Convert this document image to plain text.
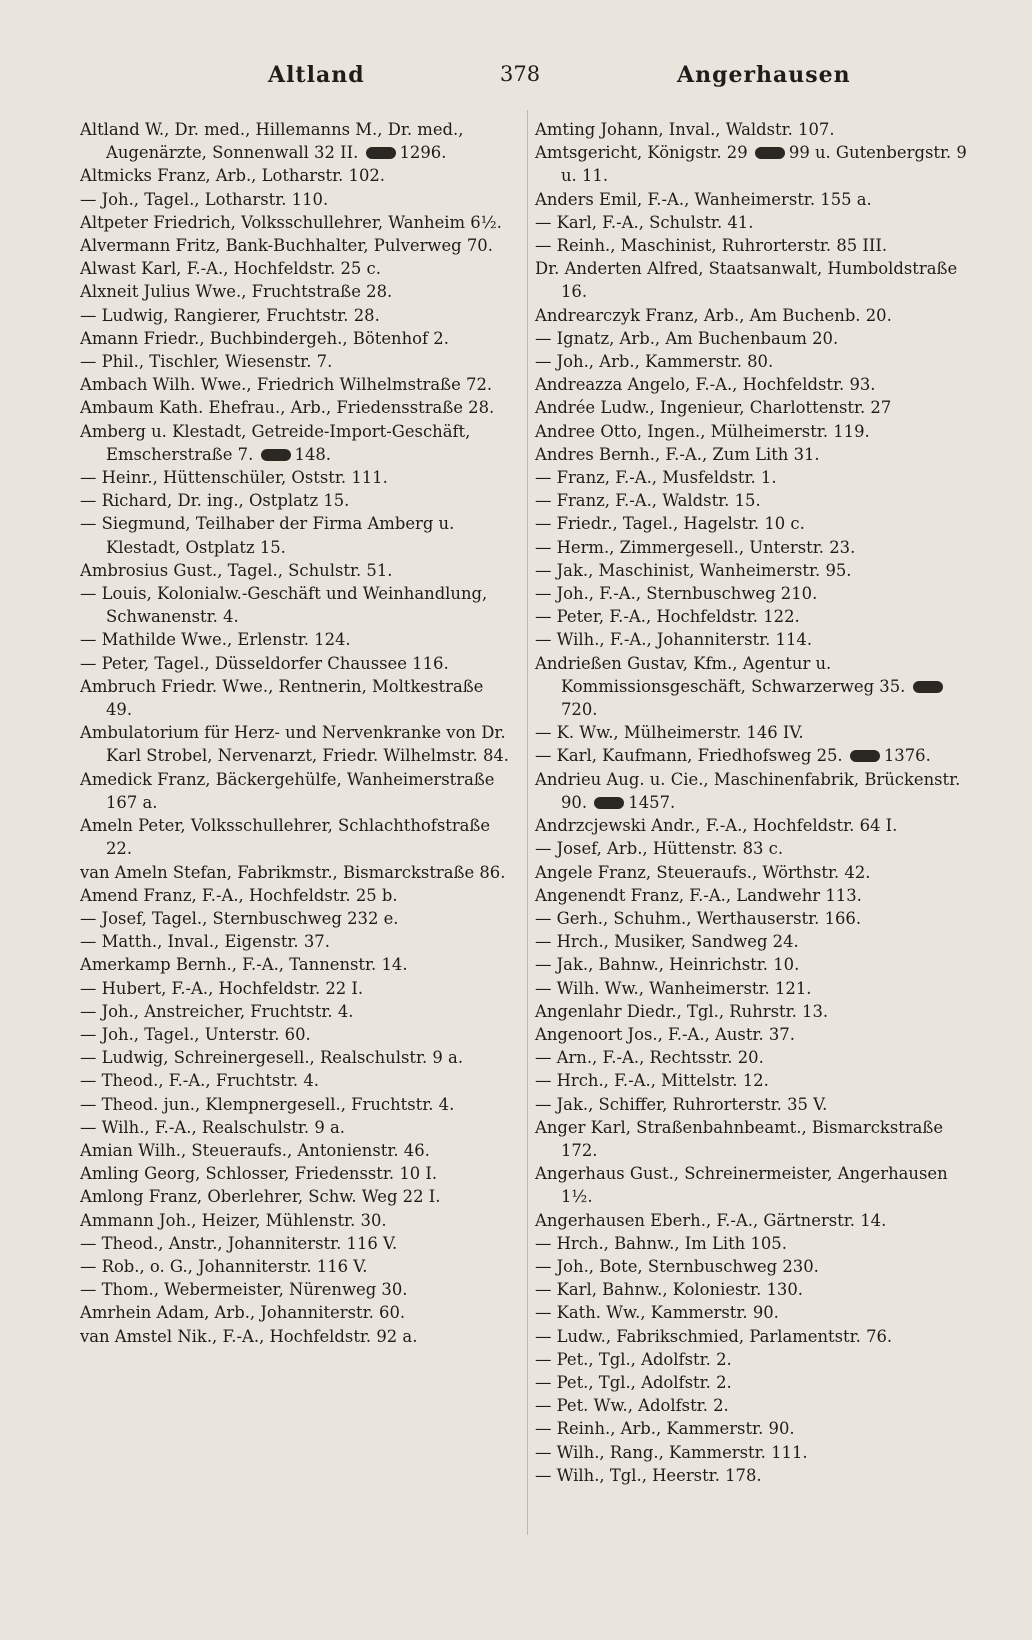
Altland	378	Angerhausen
Altland W., Dr. med., Hillemanns M., Dr. med., Augenärzte, Sonnenwall 32 II.	1296.
Altmicks Franz, Arb., Lotharstr. 102.
— Joh., Tagel., Lotharstr. 110.
Altpeter Friedrich, Volksschullehrer, Wanheim 6½.
Alvermann Fritz, Bank-Buchhalter, Pulverweg 70.
Alwast Karl, F.-A., Hochfeldstr. 25 c.
Alxneit Julius Wwe., Fruchtstraße 28.
— Ludwig, Rangierer, Fruchtstr. 28.
Amann Friedr., Buchbindergeh., Bötenhof 2.
— Phil., Tischler, Wiesenstr. 7.
Ambach Wilh. Wwe., Friedrich Wilhelmstraße 72.
Ambaum Kath. Ehefrau., Arb., Friedensstraße 28.
Amberg u. Klestadt, Getreide-Import-Geschäft, Emscherstraße 7.	148.
— Heinr., Hüttenschüler, Oststr. 111.
— Richard, Dr. ing., Ostplatz 15.
— Siegmund, Teilhaber der Firma Amberg u. Klestadt, Ostplatz 15.
Ambrosius Gust., Tagel., Schulstr. 51.
— Louis, Kolonialw.-Geschäft und Weinhandlung, Schwanenstr. 4.
— Mathilde Wwe., Erlenstr. 124.
— Peter, Tagel., Düsseldorfer Chaussee 116.
Ambruch Friedr. Wwe., Rentnerin, Moltkestraße 49.
Ambulatorium für Herz- und Nervenkranke von Dr. Karl Strobel, Nervenarzt, Friedr. Wilhelmstr. 84.
Amedick Franz, Bäckergehülfe, Wanheimerstraße 167 a.
Ameln Peter, Volksschullehrer, Schlachthofstraße 22.
van Ameln Stefan, Fabrikmstr., Bismarckstraße 86.
Amend Franz, F.-A., Hochfeldstr. 25 b.
— Josef, Tagel., Sternbuschweg 232 e.
— Matth., Inval., Eigenstr. 37.
Amerkamp Bernh., F.-A., Tannenstr. 14.
— Hubert, F.-A., Hochfeldstr. 22 I.
— Joh., Anstreicher, Fruchtstr. 4.
— Joh., Tagel., Unterstr. 60.
— Ludwig, Schreinergesell., Realschulstr. 9 a.
— Theod., F.-A., Fruchtstr. 4.
— Theod. jun., Klempnergesell., Fruchtstr. 4.
— Wilh., F.-A., Realschulstr. 9 a.
Amian Wilh., Steueraufs., Antonienstr. 46.
Amling Georg, Schlosser, Friedensstr. 10 I.
Amlong Franz, Oberlehrer, Schw. Weg 22 I.
Ammann Joh., Heizer, Mühlenstr. 30.
— Theod., Anstr., Johanniterstr. 116 V.
— Rob., o. G., Johanniterstr. 116 V.
— Thom., Webermeister, Nürenweg 30.
Amrhein Adam, Arb., Johanniterstr. 60.
van Amstel Nik., F.-A., Hochfeldstr. 92 a.
Amting Johann, Inval., Waldstr. 107.
Amtsgericht, Königstr. 29	99 u. Gutenbergstr. 9 u. 11.
Anders Emil, F.-A., Wanheimerstr. 155 a.
— Karl, F.-A., Schulstr. 41.
— Reinh., Maschinist, Ruhrorterstr. 85 III.
Dr. Anderten Alfred, Staatsanwalt, Humboldstraße 16.
Andrearczyk Franz, Arb., Am Buchenb. 20.
— Ignatz, Arb., Am Buchenbaum 20.
— Joh., Arb., Kammerstr. 80.
Andreazza Angelo, F.-A., Hochfeldstr. 93.
Andrée Ludw., Ingenieur, Charlottenstr. 27
Andree Otto, Ingen., Mülheimerstr. 119.
Andres Bernh., F.-A., Zum Lith 31.
— Franz, F.-A., Musfeldstr. 1.
— Franz, F.-A., Waldstr. 15.
— Friedr., Tagel., Hagelstr. 10 c.
— Herm., Zimmergesell., Unterstr. 23.
— Jak., Maschinist, Wanheimerstr. 95.
— Joh., F.-A., Sternbuschweg 210.
— Peter, F.-A., Hochfeldstr. 122.
— Wilh., F.-A., Johanniterstr. 114.
Andrießen Gustav, Kfm., Agentur u. Kommissionsgeschäft, Schwarzerweg 35. 720.
— K. Ww., Mülheimerstr. 146 IV.
— Karl, Kaufmann, Friedhofsweg 25.	1376.
Andrieu Aug. u. Cie., Maschinenfabrik, Brückenstr. 90.	1457.
Andrzcjewski Andr., F.-A., Hochfeldstr. 64 I.
— Josef, Arb., Hüttenstr. 83 c.
Angele Franz, Steueraufs., Wörthstr. 42.
Angenendt Franz, F.-A., Landwehr 113.
— Gerh., Schuhm., Werthauserstr. 166.
— Hrch., Musiker, Sandweg 24.
— Jak., Bahnw., Heinrichstr. 10.
— Wilh. Ww., Wanheimerstr. 121.
Angenlahr Diedr., Tgl., Ruhrstr. 13.
Angenoort Jos., F.-A., Austr. 37.
— Arn., F.-A., Rechtsstr. 20.
— Hrch., F.-A., Mittelstr. 12.
— Jak., Schiffer, Ruhrorterstr. 35 V.
Anger Karl, Straßenbahnbeamt., Bismarckstraße 172.
Angerhaus Gust., Schreinermeister, Angerhausen 1½.
Angerhausen Eberh., F.-A., Gärtnerstr. 14.
— Hrch., Bahnw., Im Lith 105.
— Joh., Bote, Sternbuschweg 230.
— Karl, Bahnw., Koloniestr. 130.
— Kath. Ww., Kammerstr. 90.
— Ludw., Fabrikschmied, Parlamentstr. 76.
— Pet., Tgl., Adolfstr. 2.
— Pet., Tgl., Adolfstr. 2.
— Pet. Ww., Adolfstr. 2.
— Reinh., Arb., Kammerstr. 90.
— Wilh., Rang., Kammerstr. 111.
— Wilh., Tgl., Heerstr. 178.
